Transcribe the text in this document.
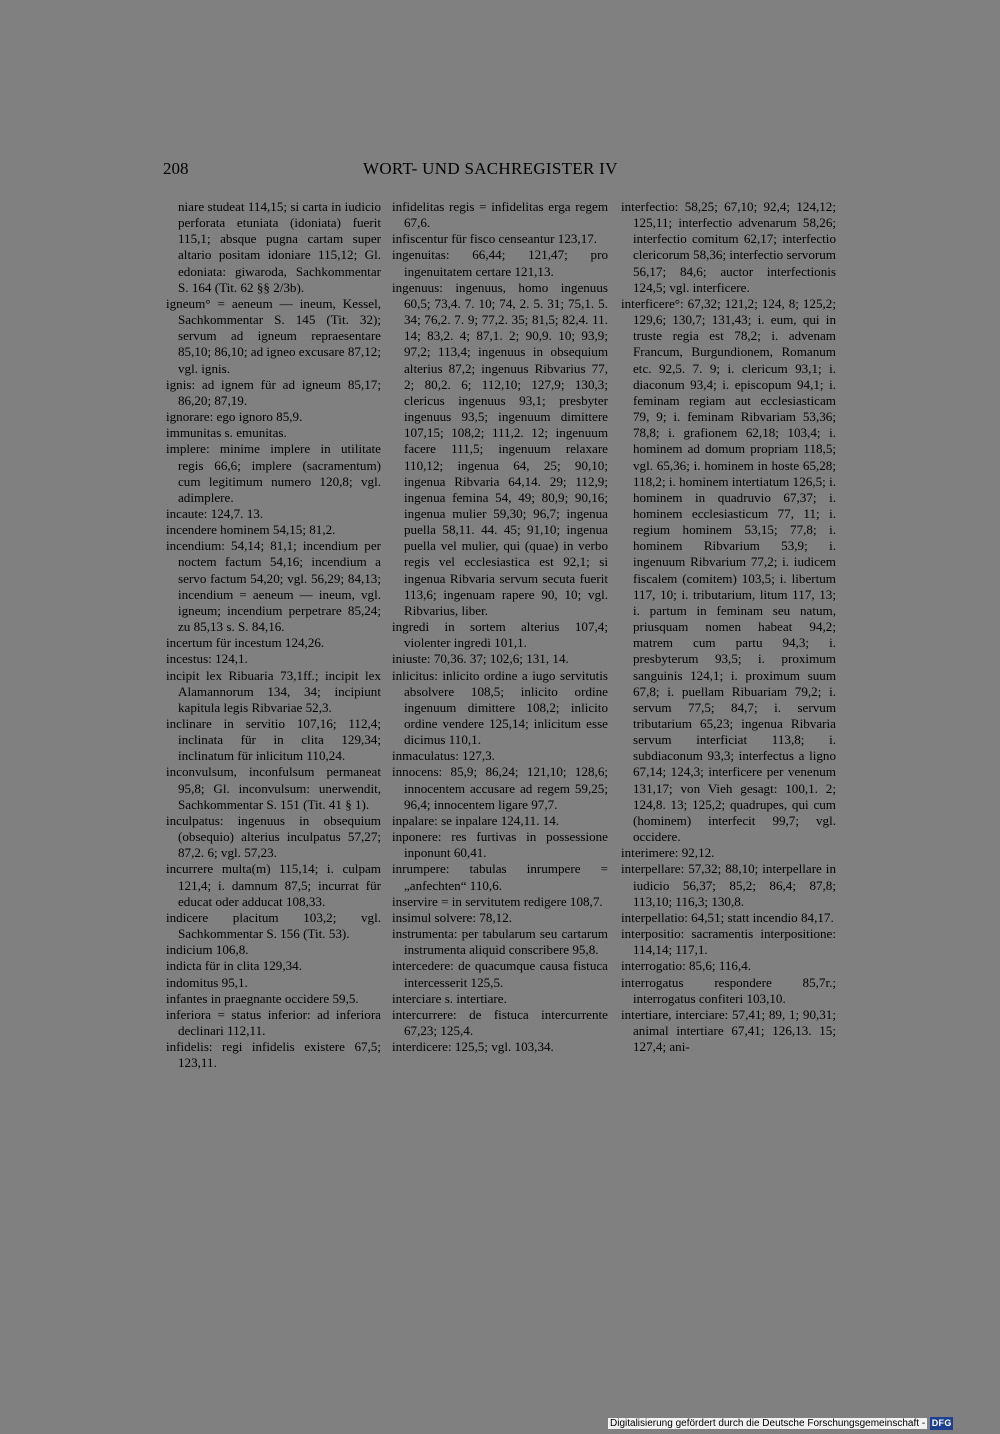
208	WORT- UND SACHREGISTER IV

niare studeat 114,15; si carta in iudicio perforata etuniata (idoniata) fuerit 115,1; absque pugna cartam super altario positam idoniare 115,12; Gl. edoniata: giwaroda, Sachkommentar S. 164 (Tit. 62 §§ 2/3b).

igneum° = aeneum — ineum, Kessel, Sachkommentar S. 145 (Tit. 32); servum ad igneum repraesentare 85,10; 86,10; ad igneo excusare 87,12; vgl. ignis.

ignis: ad ignem für ad igneum 85,17; 86,20; 87,19.

ignorare: ego ignoro 85,9.

immunitas s. emunitas.

implere: minime implere in utilitate regis 66,6; implere (sacramentum) cum legitimum numero 120,8; vgl. adimplere.

incaute: 124,7. 13.

incendere hominem 54,15; 81,2.

incendium: 54,14; 81,1; incendium per noctem factum 54,16; incendium a servo factum 54,20; vgl. 56,29; 84,13; incendium = aeneum — ineum, vgl. igneum; incendium perpetrare 85,24; zu 85,13 s. S. 84,16.

incertum für incestum 124,26.

incestus: 124,1.

incipit lex Ribuaria 73,1ff.; incipit lex Alamannorum 134, 34; incipiunt kapitula legis Ribvariae 52,3.

inclinare in servitio 107,16; 112,4; inclinata für in clita 129,34; inclinatum für inlicitum 110,24.

inconvulsum, inconfulsum permaneat 95,8; Gl. inconvulsum: unerwendit, Sachkommentar S. 151 (Tit. 41 § 1).

inculpatus: ingenuus in obsequium (obsequio) alterius inculpatus 57,27; 87,2. 6; vgl. 57,23.

incurrere multa(m) 115,14; i. culpam 121,4; i. damnum 87,5; incurrat für educat oder adducat 108,33.

indicere placitum 103,2; vgl. Sachkommentar S. 156 (Tit. 53).

indicium 106,8.

indicta für in clita 129,34.

indomitus 95,1.

infantes in praegnante occidere 59,5.

inferiora = status inferior: ad inferiora declinari 112,11.

infidelis: regi infidelis existere 67,5; 123,11.

infidelitas regis = infidelitas erga regem 67,6.

infiscentur für fisco censeantur 123,17.

ingenuitas: 66,44; 121,47; pro ingenuitatem certare 121,13.

ingenuus: ingenuus, homo ingenuus 60,5; 73,4. 7. 10; 74, 2. 5. 31; 75,1. 5. 34; 76,2. 7. 9; 77,2. 35; 81,5; 82,4. 11. 14; 83,2. 4; 87,1. 2; 90,9. 10; 93,9; 97,2; 113,4; ingenuus in obsequium alterius 87,2; ingenuus Ribvarius 77, 2; 80,2. 6; 112,10; 127,9; 130,3; clericus ingenuus 93,1; presbyter ingenuus 93,5; ingenuum dimittere 107,15; 108,2; 111,2. 12; ingenuum facere 111,5; ingenuum relaxare 110,12; ingenua 64, 25; 90,10; ingenua Ribvaria 64,14. 29; 112,9; ingenua femina 54, 49; 80,9; 90,16; ingenua mulier 59,30; 96,7; ingenua puella 58,11. 44. 45; 91,10; ingenua puella vel mulier, qui (quae) in verbo regis vel ecclesiastica est 92,1; si ingenua Ribvaria servum secuta fuerit 113,6; ingenuam rapere 90, 10; vgl. Ribvarius, liber.

ingredi in sortem alterius 107,4; violenter ingredi 101,1.

iniuste: 70,36. 37; 102,6; 131, 14.

inlicitus: inlicito ordine a iugo servitutis absolvere 108,5; inlicito ordine ingenuum dimittere 108,2; inlicito ordine vendere 125,14; inlicitum esse dicimus 110,1.

inmaculatus: 127,3.

innocens: 85,9; 86,24; 121,10; 128,6; innocentem accusare ad regem 59,25; 96,4; innocentem ligare 97,7.

inpalare: se inpalare 124,11. 14.

inponere: res furtivas in possessione inponunt 60,41.

inrumpere: tabulas inrumpere = „anfechten“ 110,6.

inservire = in servitutem redigere 108,7.

insimul solvere: 78,12.

instrumenta: per tabularum seu cartarum instrumenta aliquid conscribere 95,8.

intercedere: de quacumque causa fistuca intercesserit 125,5.

interciare s. intertiare.

intercurrere: de fistuca intercurrente 67,23; 125,4.

interdicere: 125,5; vgl. 103,34.

interfectio: 58,25; 67,10; 92,4; 124,12; 125,11; interfectio advenarum 58,26; interfectio comitum 62,17; interfectio clericorum 58,36; interfectio servorum 56,17; 84,6; auctor interfectionis 124,5; vgl. interficere.

interficere°: 67,32; 121,2; 124, 8; 125,2; 129,6; 130,7; 131,43; i. eum, qui in truste regia est 78,2; i. advenam Francum, Burgundionem, Romanum etc. 92,5. 7. 9; i. clericum 93,1; i. diaconum 93,4; i. episcopum 94,1; i. feminam regiam aut ecclesiasticam 79, 9; i. feminam Ribvariam 53,36; 78,8; i. grafionem 62,18; 103,4; i. hominem ad domum propriam 118,5; vgl. 65,36; i. hominem in hoste 65,28; 118,2; i. hominem intertiatum 126,5; i. hominem in quadruvio 67,37; i. hominem ecclesiasticum 77, 11; i. regium hominem 53,15; 77,8; i. hominem Ribvarium 53,9; i. ingenuum Ribvarium 77,2; i. iudicem fiscalem (comitem) 103,5; i. libertum 117, 10; i. tributarium, litum 117, 13; i. partum in feminam seu natum, priusquam nomen habeat 94,2; matrem cum partu 94,3; i. presbyterum 93,5; i. proximum sanguinis 124,1; i. proximum suum 67,8; i. puellam Ribuariam 79,2; i. servum 77,5; 84,7; i. servum tributarium 65,23; ingenua Ribvaria servum interficiat 113,8; i. subdiaconum 93,3; interfectus a ligno 67,14; 124,3; interficere per venenum 131,17; von Vieh gesagt: 100,1. 2; 124,8. 13; 125,2; quadrupes, qui cum (hominem) interfecit 99,7; vgl. occidere.

interimere: 92,12.

interpellare: 57,32; 88,10; interpellare in iudicio 56,37; 85,2; 86,4; 87,8; 113,10; 116,3; 130,8.

interpellatio: 64,51; statt incendio 84,17.

interpositio: sacramentis interpositione: 114,14; 117,1.

interrogatio: 85,6; 116,4.

interrogatus respondere 85,7r.; interrogatus confiteri 103,10.

intertiare, interciare: 57,41; 89, 1; 90,31; animal intertiare 67,41; 126,13. 15; 127,4; ani-

Digitalisierung gefördert durch die Deutsche Forschungsgemeinschaft - DFG
